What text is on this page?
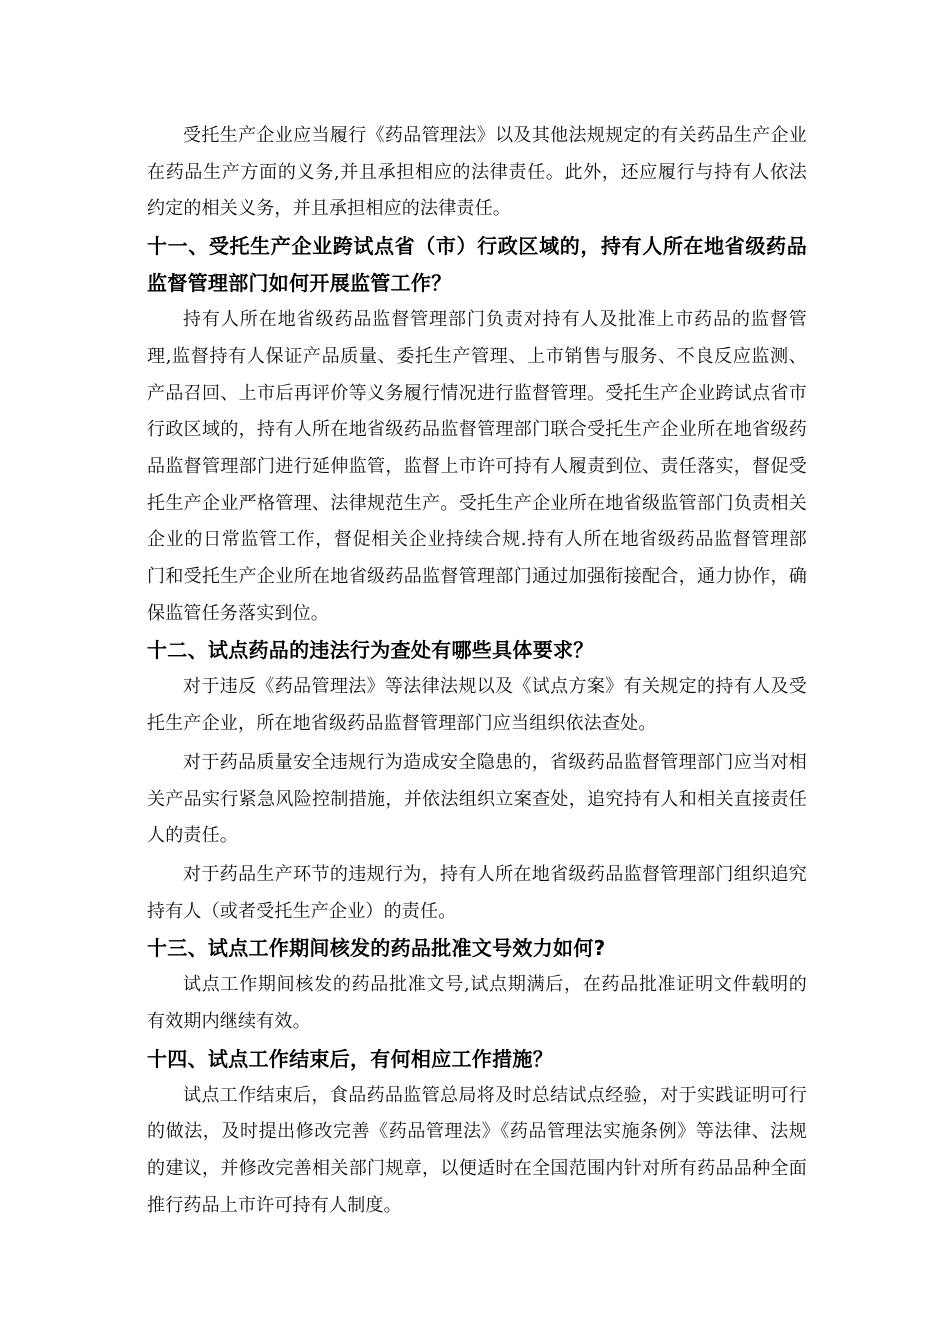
受托生产企业应当履行《药品管理法》以及其他法规规定的有关药品生产企业在药品生产方面的义务,并且承担相应的法律责任。此外，还应履行与持有人依法约定的相关义务，并且承担相应的法律责任。

十一、受托生产企业跨试点省（市）行政区域的，持有人所在地省级药品监督管理部门如何开展监管工作？

持有人所在地省级药品监督管理部门负责对持有人及批准上市药品的监督管理,监督持有人保证产品质量、委托生产管理、上市销售与服务、不良反应监测、产品召回、上市后再评价等义务履行情况进行监督管理。受托生产企业跨试点省市行政区域的，持有人所在地省级药品监督管理部门联合受托生产企业所在地省级药品监督管理部门进行延伸监管，监督上市许可持有人履责到位、责任落实，督促受托生产企业严格管理、法律规范生产。受托生产企业所在地省级监管部门负责相关企业的日常监管工作，督促相关企业持续合规.持有人所在地省级药品监督管理部门和受托生产企业所在地省级药品监督管理部门通过加强衔接配合，通力协作，确保监管任务落实到位。

十二、试点药品的违法行为查处有哪些具体要求？

对于违反《药品管理法》等法律法规以及《试点方案》有关规定的持有人及受托生产企业，所在地省级药品监督管理部门应当组织依法查处。

对于药品质量安全违规行为造成安全隐患的，省级药品监督管理部门应当对相关产品实行紧急风险控制措施，并依法组织立案查处，追究持有人和相关直接责任人的责任。

对于药品生产环节的违规行为，持有人所在地省级药品监督管理部门组织追究持有人（或者受托生产企业）的责任。

十三、试点工作期间核发的药品批准文号效力如何?

试点工作期间核发的药品批准文号,试点期满后，在药品批准证明文件载明的有效期内继续有效。

十四、试点工作结束后，有何相应工作措施？

试点工作结束后，食品药品监管总局将及时总结试点经验，对于实践证明可行的做法，及时提出修改完善《药品管理法》《药品管理法实施条例》等法律、法规的建议，并修改完善相关部门规章，以便适时在全国范围内针对所有药品品种全面推行药品上市许可持有人制度。
